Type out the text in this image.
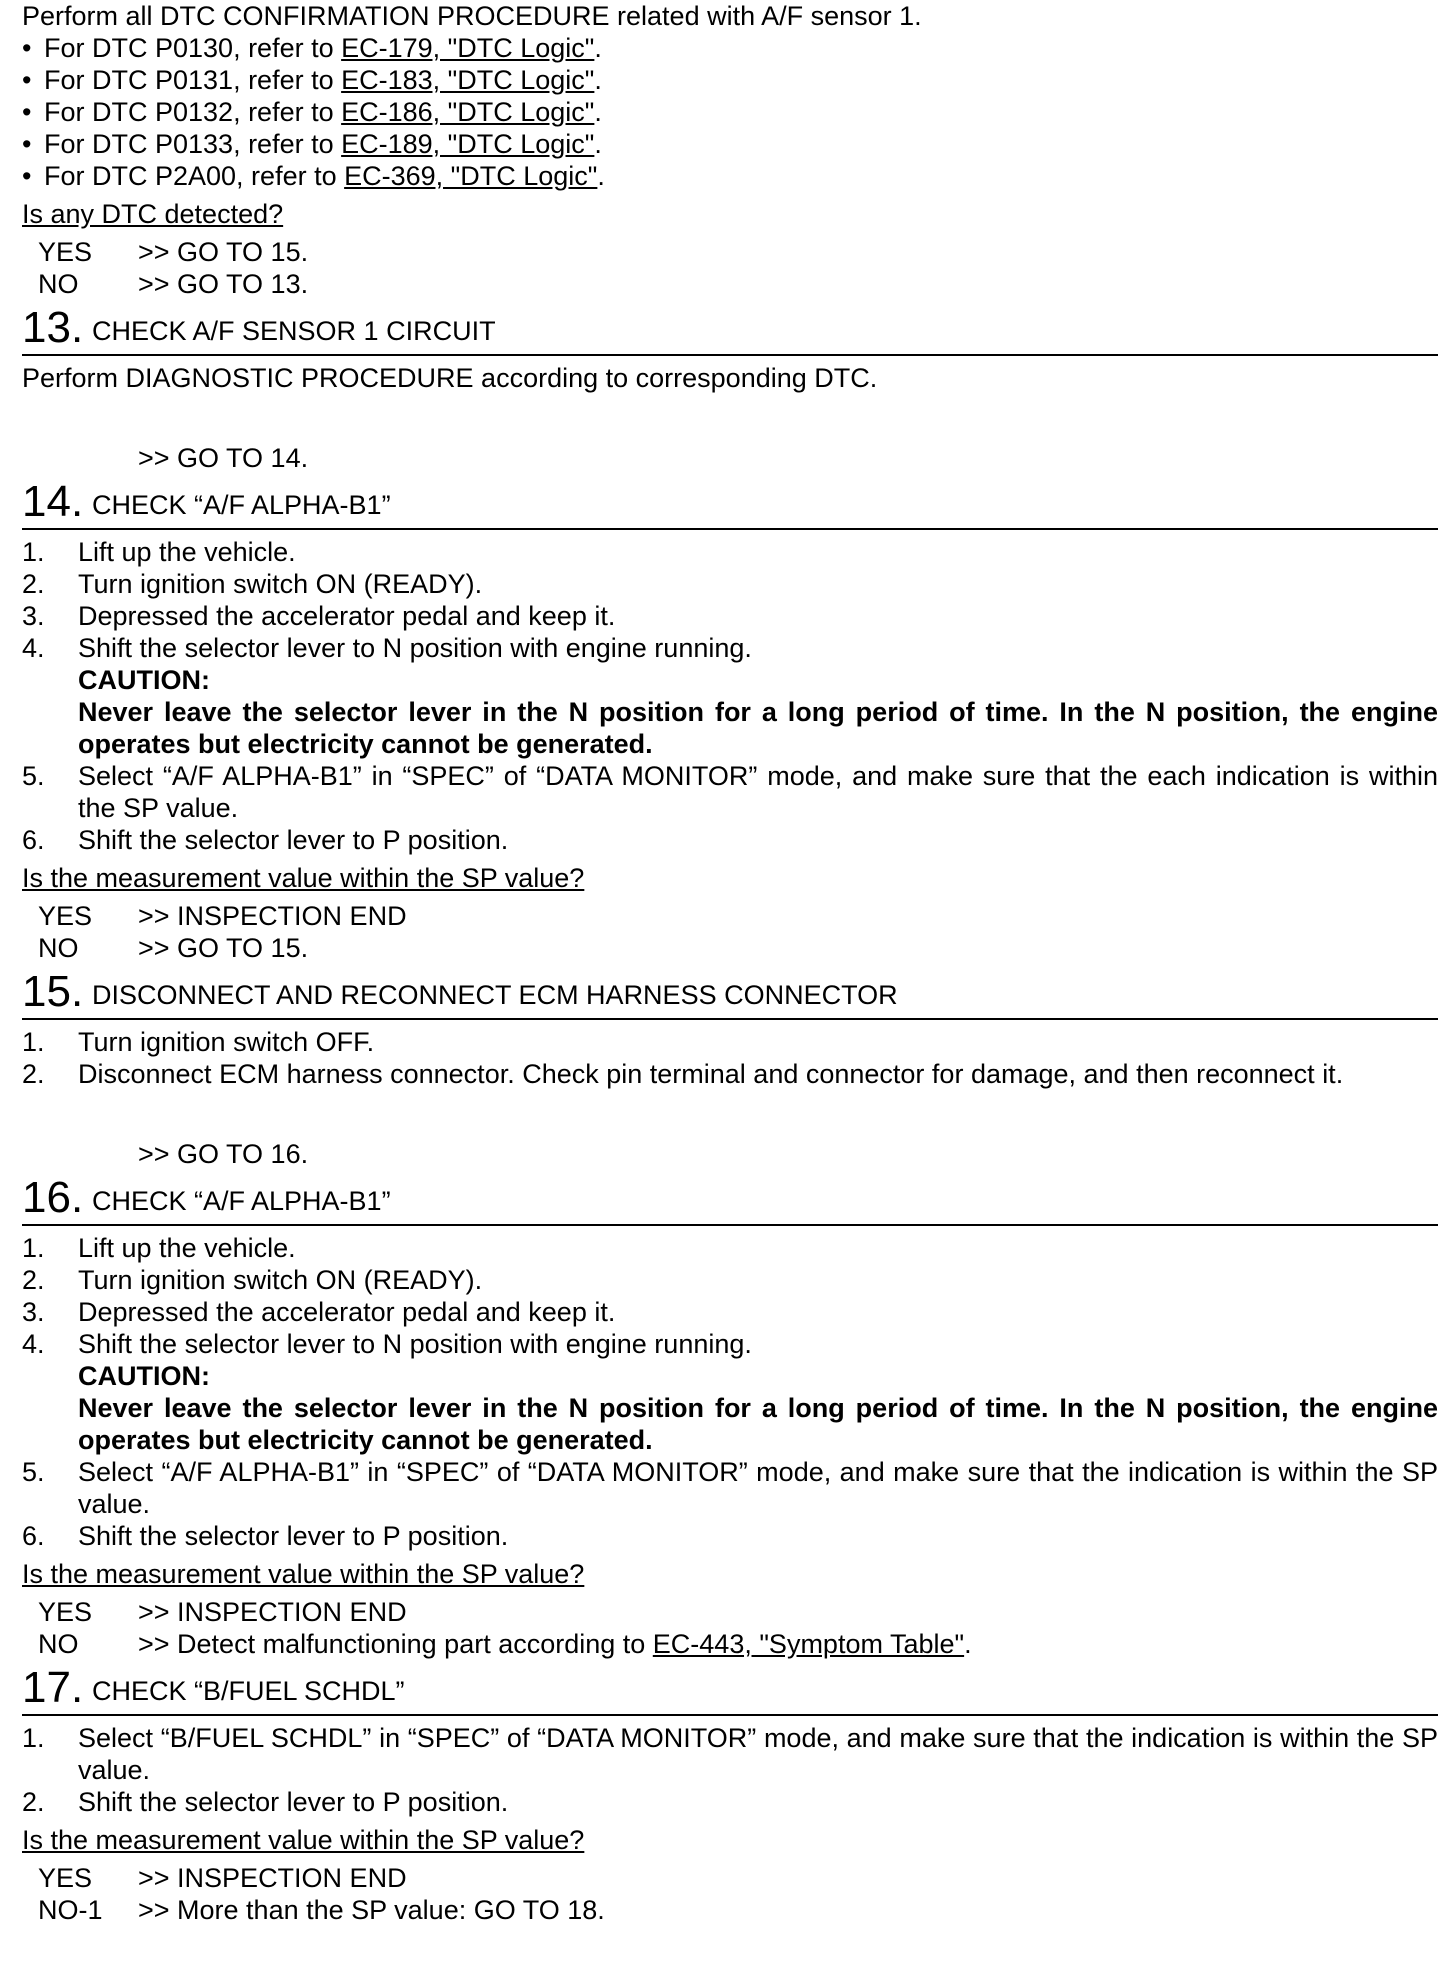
Perform all DTC CONFIRMATION PROCEDURE related with A/F sensor 1.
• For DTC P0130, refer to EC-179, "DTC Logic".
• For DTC P0131, refer to EC-183, "DTC Logic".
• For DTC P0132, refer to EC-186, "DTC Logic".
• For DTC P0133, refer to EC-189, "DTC Logic".
• For DTC P2A00, refer to EC-369, "DTC Logic".
Is any DTC detected?
YES >> GO TO 15.
NO >> GO TO 13.
13. CHECK A/F SENSOR 1 CIRCUIT
Perform DIAGNOSTIC PROCEDURE according to corresponding DTC.
>> GO TO 14.
14. CHECK “A/F ALPHA-B1”
1. Lift up the vehicle.
2. Turn ignition switch ON (READY).
3. Depressed the accelerator pedal and keep it.
4. Shift the selector lever to N position with engine running.
CAUTION:
Never leave the selector lever in the N position for a long period of time. In the N position, the engine operates but electricity cannot be generated.
5. Select “A/F ALPHA-B1” in “SPEC” of “DATA MONITOR” mode, and make sure that the each indication is within the SP value.
6. Shift the selector lever to P position.
Is the measurement value within the SP value?
YES >> INSPECTION END
NO >> GO TO 15.
15. DISCONNECT AND RECONNECT ECM HARNESS CONNECTOR
1. Turn ignition switch OFF.
2. Disconnect ECM harness connector. Check pin terminal and connector for damage, and then reconnect it.
>> GO TO 16.
16. CHECK “A/F ALPHA-B1”
1. Lift up the vehicle.
2. Turn ignition switch ON (READY).
3. Depressed the accelerator pedal and keep it.
4. Shift the selector lever to N position with engine running.
CAUTION:
Never leave the selector lever in the N position for a long period of time. In the N position, the engine operates but electricity cannot be generated.
5. Select “A/F ALPHA-B1” in “SPEC” of “DATA MONITOR” mode, and make sure that the indication is within the SP value.
6. Shift the selector lever to P position.
Is the measurement value within the SP value?
YES >> INSPECTION END
NO >> Detect malfunctioning part according to EC-443, "Symptom Table".
17. CHECK “B/FUEL SCHDL”
1. Select “B/FUEL SCHDL” in “SPEC” of “DATA MONITOR” mode, and make sure that the indication is within the SP value.
2. Shift the selector lever to P position.
Is the measurement value within the SP value?
YES >> INSPECTION END
NO-1 >> More than the SP value: GO TO 18.
